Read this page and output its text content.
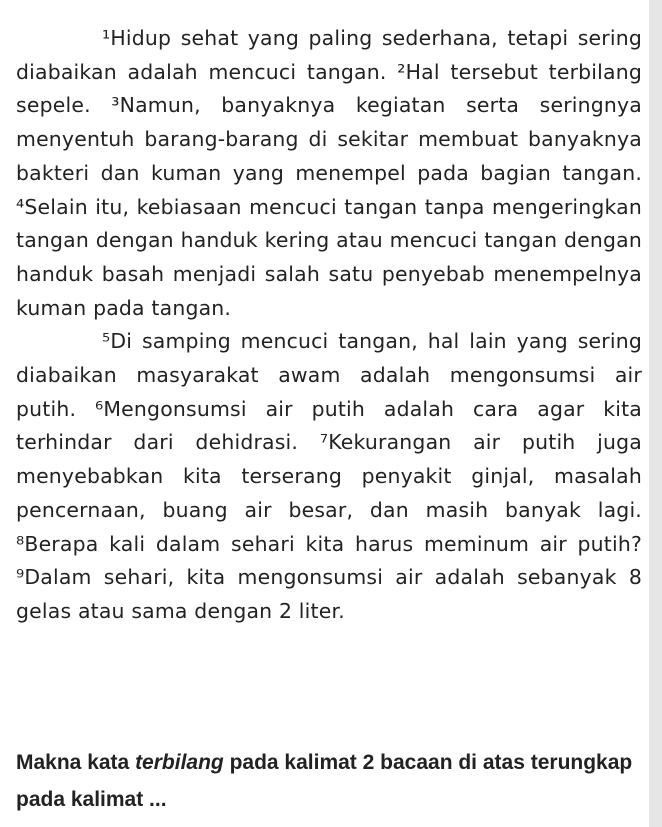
¹Hidup sehat yang paling sederhana, tetapi sering diabaikan adalah mencuci tangan. ²Hal tersebut terbilang sepele. ³Namun, banyaknya kegiatan serta seringnya menyentuh barang-barang di sekitar membuat banyaknya bakteri dan kuman yang menempel pada bagian tangan. ⁴Selain itu, kebiasaan mencuci tangan tanpa mengeringkan tangan dengan handuk kering atau mencuci tangan dengan handuk basah menjadi salah satu penyebab menempelnya kuman pada tangan.

⁵Di samping mencuci tangan, hal lain yang sering diabaikan masyarakat awam adalah mengonsumsi air putih. ⁶Mengonsumsi air putih adalah cara agar kita terhindar dari dehidrasi. ⁷Kekurangan air putih juga menyebabkan kita terserang penyakit ginjal, masalah pencernaan, buang air besar, dan masih banyak lagi. ⁸Berapa kali dalam sehari kita harus meminum air putih? ⁹Dalam sehari, kita mengonsumsi air adalah sebanyak 8 gelas atau sama dengan 2 liter.

Makna kata terbilang pada kalimat 2 bacaan di atas terungkap pada kalimat ...
